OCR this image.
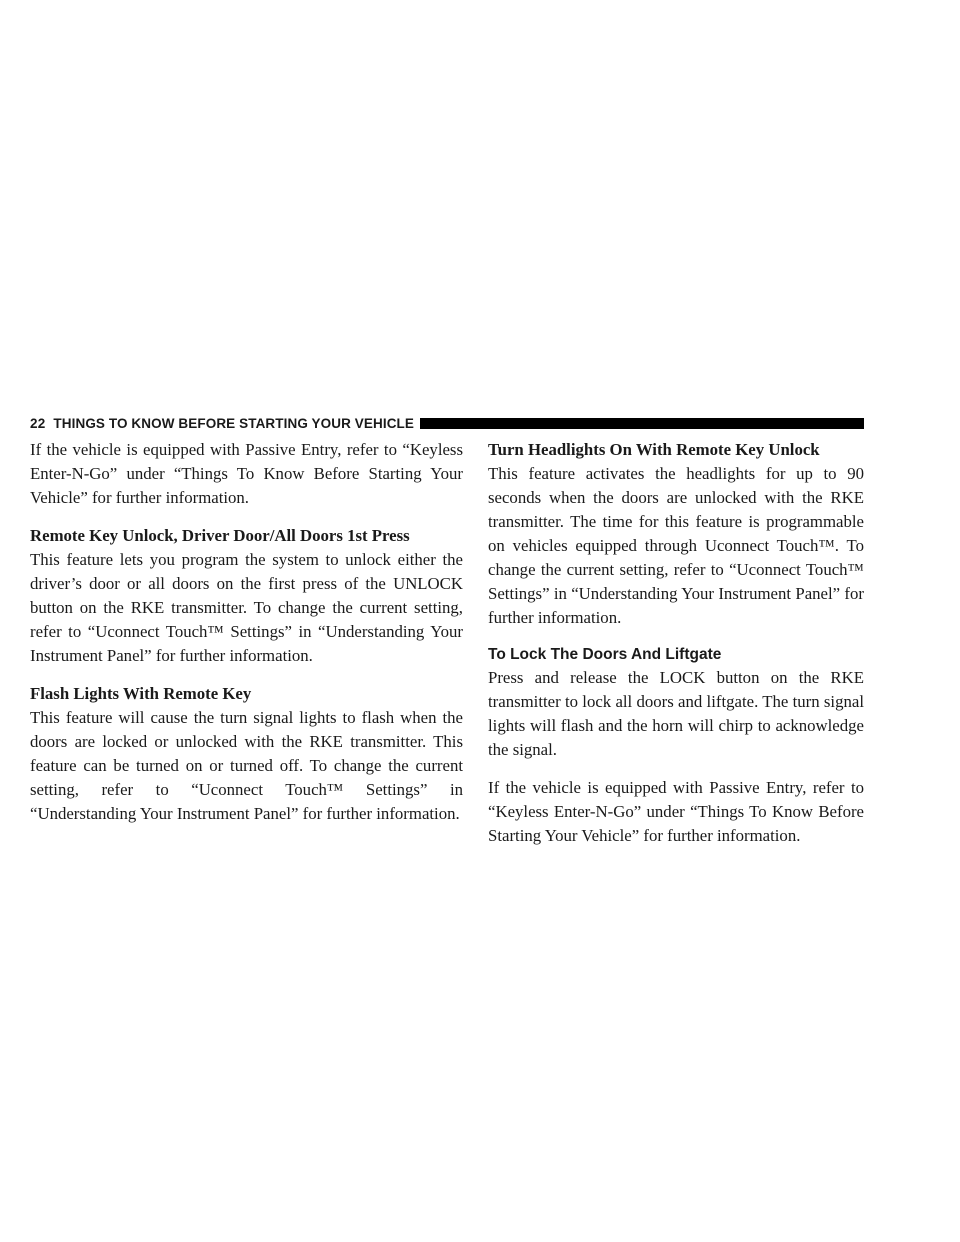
22 THINGS TO KNOW BEFORE STARTING YOUR VEHICLE

If the vehicle is equipped with Passive Entry, refer to “Keyless Enter-N-Go” under “Things To Know Before Starting Your Vehicle” for further information.

Remote Key Unlock, Driver Door/All Doors 1st Press

This feature lets you program the system to unlock either the driver’s door or all doors on the first press of the UNLOCK button on the RKE transmitter. To change the current setting, refer to “Uconnect Touch™ Settings” in “Understanding Your Instrument Panel” for further information.

Flash Lights With Remote Key

This feature will cause the turn signal lights to flash when the doors are locked or unlocked with the RKE transmitter. This feature can be turned on or turned off. To change the current setting, refer to “Uconnect Touch™ Settings” in “Understanding Your Instrument Panel” for further information.

Turn Headlights On With Remote Key Unlock

This feature activates the headlights for up to 90 seconds when the doors are unlocked with the RKE transmitter. The time for this feature is programmable on vehicles equipped through Uconnect Touch™. To change the current setting, refer to “Uconnect Touch™ Settings” in “Understanding Your Instrument Panel” for further information.

To Lock The Doors And Liftgate

Press and release the LOCK button on the RKE transmitter to lock all doors and liftgate. The turn signal lights will flash and the horn will chirp to acknowledge the signal.

If the vehicle is equipped with Passive Entry, refer to “Keyless Enter-N-Go” under “Things To Know Before Starting Your Vehicle” for further information.
